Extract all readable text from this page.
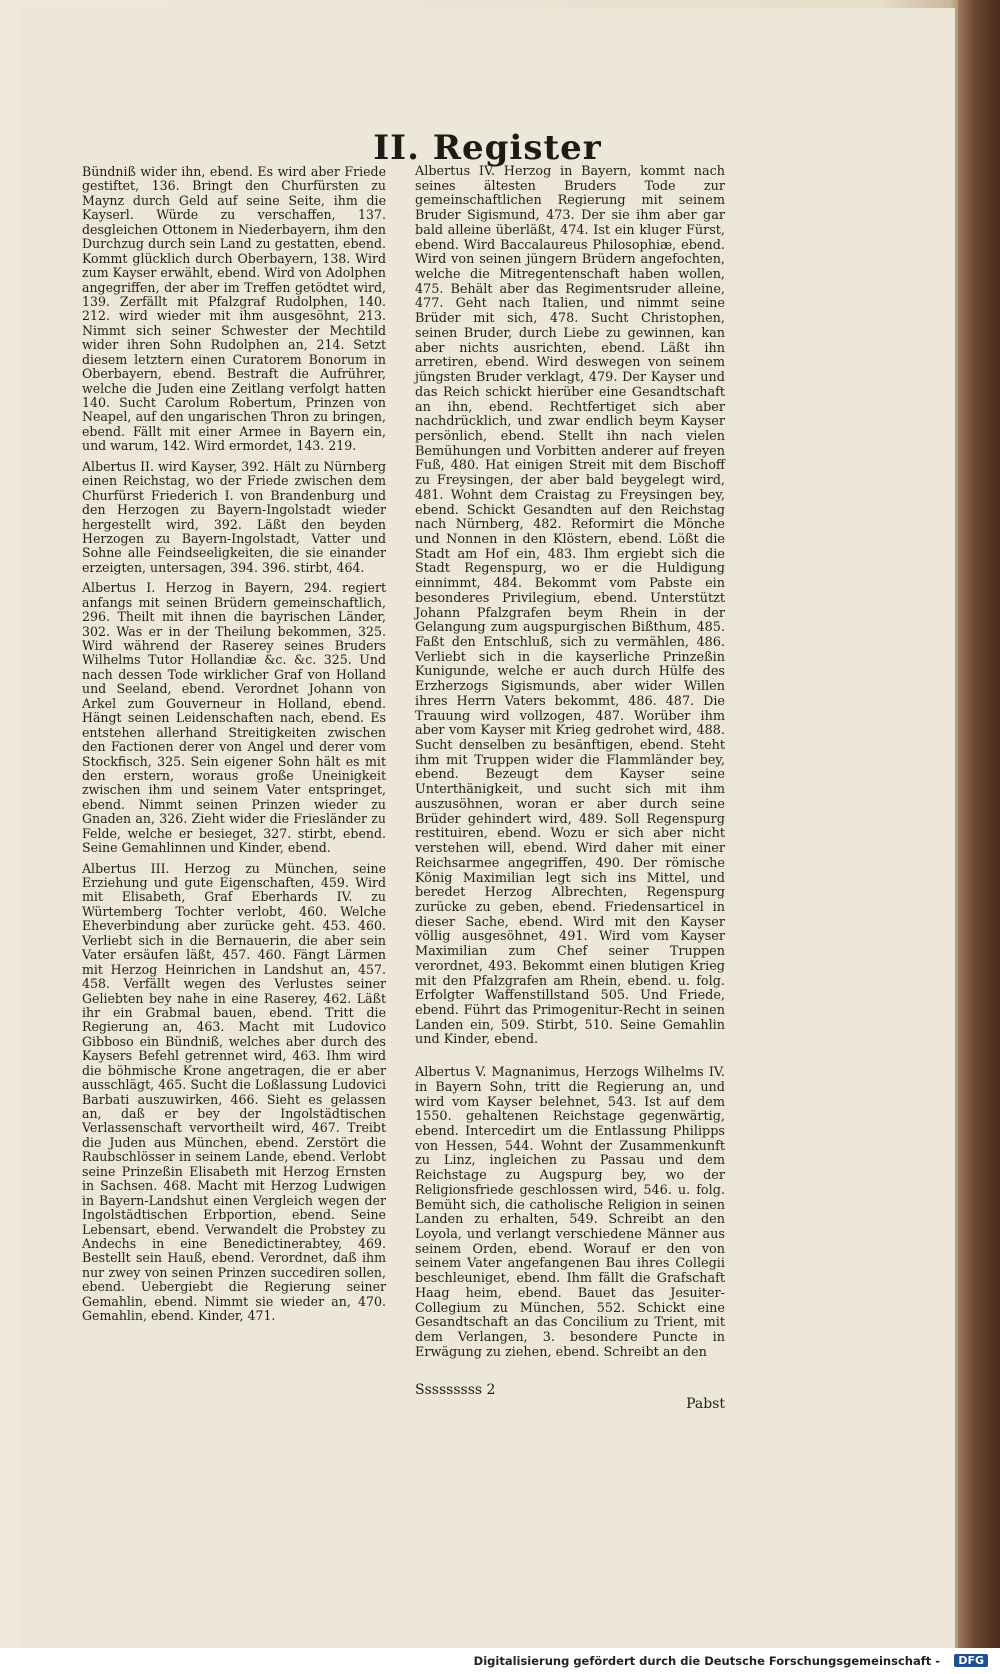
II. Register

Bündniß wider ihn, ebend. Es wird aber Friede gestiftet, 136. Bringt den Churfürsten zu Maynz durch Geld auf seine Seite, ihm die Kayserl. Würde zu verschaffen, 137. desgleichen Ottonem in Niederbayern, ihm den Durchzug durch sein Land zu gestatten, ebend. Kommt glücklich durch Oberbayern, 138. Wird zum Kayser erwählt, ebend. Wird von Adolphen angegriffen, der aber im Treffen getödtet wird, 139. Zerfällt mit Pfalzgraf Rudolphen, 140. 212. wird wieder mit ihm ausgesöhnt, 213. Nimmt sich seiner Schwester der Mechtild wider ihren Sohn Rudolphen an, 214. Setzt diesem letztern einen Curatorem Bonorum in Oberbayern, ebend. Bestraft die Aufrührer, welche die Juden eine Zeitlang verfolgt hatten 140. Sucht Carolum Robertum, Prinzen von Neapel, auf den ungarischen Thron zu bringen, ebend. Fällt mit einer Armee in Bayern ein, und warum, 142. Wird ermordet, 143. 219.

Albertus II. wird Kayser, 392. Hält zu Nürnberg einen Reichstag, wo der Friede zwischen dem Churfürst Friederich I. von Brandenburg und den Herzogen zu Bayern-Ingolstadt wieder hergestellt wird, 392. Läßt den beyden Herzogen zu Bayern-Ingolstadt, Vatter und Sohne alle Feindseeligkeiten, die sie einander erzeigten, untersagen, 394. 396. stirbt, 464.

Albertus I. Herzog in Bayern, 294. regiert anfangs mit seinen Brüdern gemeinschaftlich, 296. Theilt mit ihnen die bayrischen Länder, 302. Was er in der Theilung bekommen, 325. Wird während der Raserey seines Bruders Wilhelms Tutor Hollandiæ &c. &c. 325. Und nach dessen Tode wirklicher Graf von Holland und Seeland, ebend. Verordnet Johann von Arkel zum Gouverneur in Holland, ebend. Hängt seinen Leidenschaften nach, ebend. Es entstehen allerhand Streitigkeiten zwischen den Factionen derer von Angel und derer vom Stockfisch, 325. Sein eigener Sohn hält es mit den erstern, woraus große Uneinigkeit zwischen ihm und seinem Vater entspringet, ebend. Nimmt seinen Prinzen wieder zu Gnaden an, 326. Zieht wider die Friesländer zu Felde, welche er besieget, 327. stirbt, ebend. Seine Gemahlinnen und Kinder, ebend.

Albertus III. Herzog zu München, seine Erziehung und gute Eigenschaften, 459. Wird mit Elisabeth, Graf Eberhards IV. zu Würtemberg Tochter verlobt, 460. Welche Eheverbindung aber zurücke geht. 453. 460. Verliebt sich in die Bernauerin, die aber sein Vater ersäufen läßt, 457. 460. Fängt Lärmen mit Herzog Heinrichen in Landshut an, 457. 458. Verfällt wegen des Verlustes seiner Geliebten bey nahe in eine Raserey, 462. Läßt ihr ein Grabmal bauen, ebend. Tritt die Regierung an, 463. Macht mit Ludovico Gibboso ein Bündniß, welches aber durch des Kaysers Befehl getrennet wird, 463. Ihm wird die böhmische Krone angetragen, die er aber ausschlägt, 465. Sucht die Loßlassung Ludovici Barbati auszuwirken, 466. Sieht es gelassen an, daß er bey der Ingolstädtischen Verlassenschaft vervortheilt wird, 467. Treibt die Juden aus München, ebend. Zerstört die Raubschlösser in seinem Lande, ebend. Verlobt seine Prinzeßin Elisabeth mit Herzog Ernsten in Sachsen. 468. Macht mit Herzog Ludwigen in Bayern-Landshut einen Vergleich wegen der Ingolstädtischen Erbportion, ebend. Seine Lebensart, ebend. Verwandelt die Probstey zu Andechs in eine Benedictinerabtey, 469. Bestellt sein Hauß, ebend. Verordnet, daß ihm nur zwey von seinen Prinzen succediren sollen, ebend. Uebergiebt die Regierung seiner Gemahlin, ebend. Nimmt sie wieder an, 470. Gemahlin, ebend. Kinder, 471.

Albertus IV. Herzog in Bayern, kommt nach seines ältesten Bruders Tode zur gemeinschaftlichen Regierung mit seinem Bruder Sigismund, 473. Der sie ihm aber gar bald alleine überläßt, 474. Ist ein kluger Fürst, ebend. Wird Baccalaureus Philosophiæ, ebend. Wird von seinen jüngern Brüdern angefochten, welche die Mitregentenschaft haben wollen, 475. Behält aber das Regimentsruder alleine, 477. Geht nach Italien, und nimmt seine Brüder mit sich, 478. Sucht Christophen, seinen Bruder, durch Liebe zu gewinnen, kan aber nichts ausrichten, ebend. Läßt ihn arretiren, ebend. Wird deswegen von seinem jüngsten Bruder verklagt, 479. Der Kayser und das Reich schickt hierüber eine Gesandtschaft an ihn, ebend. Rechtfertiget sich aber nachdrücklich, und zwar endlich beym Kayser persönlich, ebend. Stellt ihn nach vielen Bemühungen und Vorbitten anderer auf freyen Fuß, 480. Hat einigen Streit mit dem Bischoff zu Freysingen, der aber bald beygelegt wird, 481. Wohnt dem Craistag zu Freysingen bey, ebend. Schickt Gesandten auf den Reichstag nach Nürnberg, 482. Reformirt die Mönche und Nonnen in den Klöstern, ebend. Lößt die Stadt am Hof ein, 483. Ihm ergiebt sich die Stadt Regenspurg, wo er die Huldigung einnimmt, 484. Bekommt vom Pabste ein besonderes Privilegium, ebend. Unterstützt Johann Pfalzgrafen beym Rhein in der Gelangung zum augspurgischen Bißthum, 485. Faßt den Entschluß, sich zu vermählen, 486. Verliebt sich in die kayserliche Prinzeßin Kunigunde, welche er auch durch Hülfe des Erzherzogs Sigismunds, aber wider Willen ihres Herrn Vaters bekommt, 486. 487. Die Trauung wird vollzogen, 487. Worüber ihm aber vom Kayser mit Krieg gedrohet wird, 488. Sucht denselben zu besänftigen, ebend. Steht ihm mit Truppen wider die Flammländer bey, ebend. Bezeugt dem Kayser seine Unterthänigkeit, und sucht sich mit ihm auszusöhnen, woran er aber durch seine Brüder gehindert wird, 489. Soll Regenspurg restituiren, ebend. Wozu er sich aber nicht verstehen will, ebend. Wird daher mit einer Reichsarmee angegriffen, 490. Der römische König Maximilian legt sich ins Mittel, und beredet Herzog Albrechten, Regenspurg zurücke zu geben, ebend. Friedensarticel in dieser Sache, ebend. Wird mit den Kayser völlig ausgesöhnet, 491. Wird vom Kayser Maximilian zum Chef seiner Truppen verordnet, 493. Bekommt einen blutigen Krieg mit den Pfalzgrafen am Rhein, ebend. u. folg. Erfolgter Waffenstillstand 505. Und Friede, ebend. Führt das Primogenitur-Recht in seinen Landen ein, 509. Stirbt, 510. Seine Gemahlin und Kinder, ebend.

Albertus V. Magnanimus, Herzogs Wilhelms IV. in Bayern Sohn, tritt die Regierung an, und wird vom Kayser belehnet, 543. Ist auf dem 1550. gehaltenen Reichstage gegenwärtig, ebend. Intercedirt um die Entlassung Philipps von Hessen, 544. Wohnt der Zusammenkunft zu Linz, ingleichen zu Passau und dem Reichstage zu Augspurg bey, wo der Religionsfriede geschlossen wird, 546. u. folg. Bemüht sich, die catholische Religion in seinen Landen zu erhalten, 549. Schreibt an den Loyola, und verlangt verschiedene Männer aus seinem Orden, ebend. Worauf er den von seinem Vater angefangenen Bau ihres Collegii beschleuniget, ebend. Ihm fällt die Grafschaft Haag heim, ebend. Bauet das Jesuiter-Collegium zu München, 552. Schickt eine Gesandtschaft an das Concilium zu Trient, mit dem Verlangen, 3. besondere Puncte in Erwägung zu ziehen, ebend. Schreibt an den

Sssssssss 2
Pabst
Digitalisierung gefördert durch die Deutsche Forschungsgemeinschaft -	DFG
